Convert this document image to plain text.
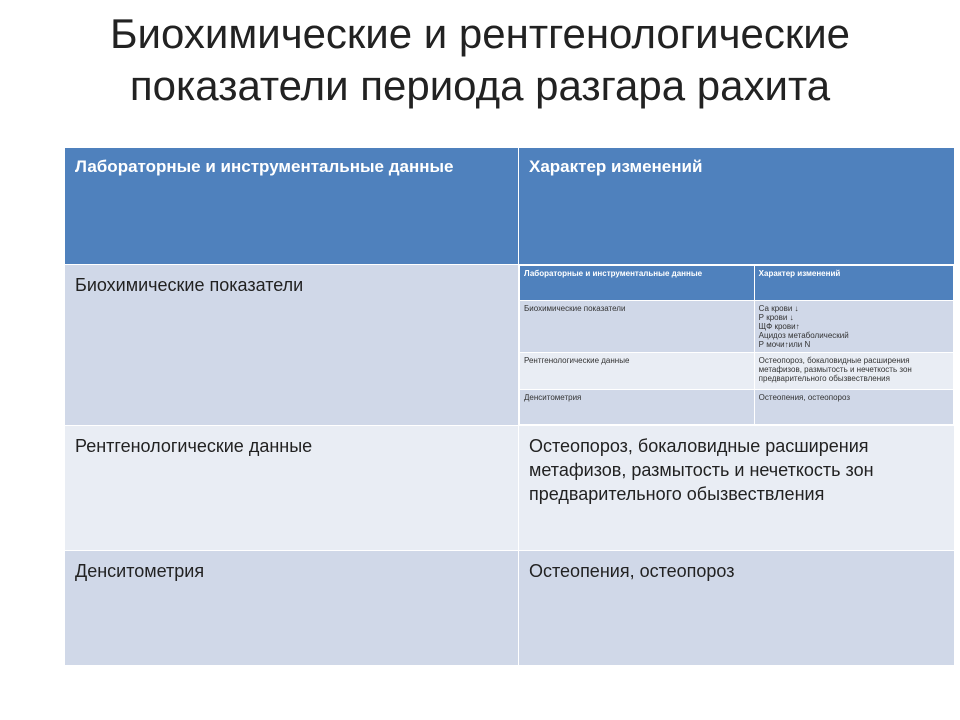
Биохимические и рентгенологические
показатели периода разгара рахита
Лабораторные и инструментальные данные	Характер изменений
Биохимические показатели	
Лабораторные и инструментальные данные	Характер изменений
Биохимические показатели	Са крови ↓
Р крови ↓
ЩФ крови↑
Ацидоз метаболический
Р мочи↑или N

Рентгенологические данные	Остеопороз, бокаловидные расширения метафизов, размытость и нечеткость зон предварительного обызвествления
Денситометрия	Остеопения, остеопороз

Рентгенологические данные	Остеопороз, бокаловидные расширения метафизов, размытость и нечеткость зон предварительного обызвествления
Денситометрия	Остеопения, остеопороз
